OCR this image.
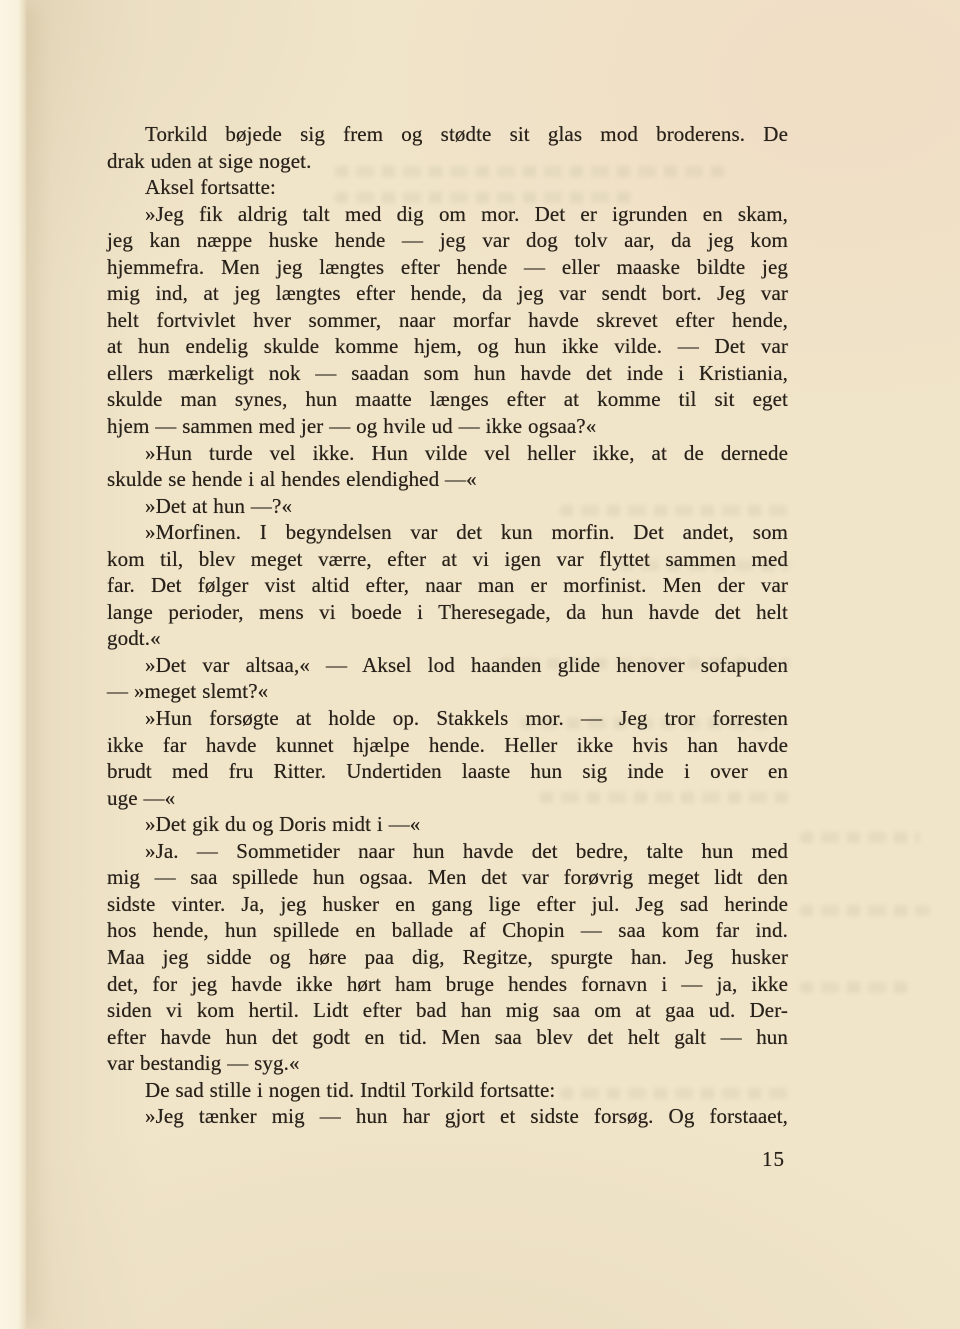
Torkild bøjede sig frem og stødte sit glas mod broderens. De
drak uden at sige noget.
Aksel fortsatte:
»Jeg fik aldrig talt med dig om mor. Det er igrunden en skam,
jeg kan næppe huske hende — jeg var dog tolv aar, da jeg kom
hjemmefra. Men jeg længtes efter hende — eller maaske bildte jeg
mig ind, at jeg længtes efter hende, da jeg var sendt bort. Jeg var
helt fortvivlet hver sommer, naar morfar havde skrevet efter hende,
at hun endelig skulde komme hjem, og hun ikke vilde. — Det var
ellers mærkeligt nok — saadan som hun havde det inde i Kristiania,
skulde man synes, hun maatte længes efter at komme til sit eget
hjem — sammen med jer — og hvile ud — ikke ogsaa?«
»Hun turde vel ikke. Hun vilde vel heller ikke, at de dernede
skulde se hende i al hendes elendighed —«
»Det at hun —?«
»Morfinen. I begyndelsen var det kun morfin. Det andet, som
kom til, blev meget værre, efter at vi igen var flyttet sammen med
far. Det følger vist altid efter, naar man er morfinist. Men der var
lange perioder, mens vi boede i Theresegade, da hun havde det helt
godt.«
»Det var altsaa,« — Aksel lod haanden glide henover sofapuden
— »meget slemt?«
»Hun forsøgte at holde op. Stakkels mor. — Jeg tror forresten
ikke far havde kunnet hjælpe hende. Heller ikke hvis han havde
brudt med fru Ritter. Undertiden laaste hun sig inde i over en
uge —«
»Det gik du og Doris midt i —«
»Ja. — Sommetider naar hun havde det bedre, talte hun med
mig — saa spillede hun ogsaa. Men det var forøvrig meget lidt den
sidste vinter. Ja, jeg husker en gang lige efter jul. Jeg sad herinde
hos hende, hun spillede en ballade af Chopin — saa kom far ind.
Maa jeg sidde og høre paa dig, Regitze, spurgte han. Jeg husker
det, for jeg havde ikke hørt ham bruge hendes fornavn i — ja, ikke
siden vi kom hertil. Lidt efter bad han mig saa om at gaa ud. Der-
efter havde hun det godt en tid. Men saa blev det helt galt — hun
var bestandig — syg.«
De sad stille i nogen tid. Indtil Torkild fortsatte:
»Jeg tænker mig — hun har gjort et sidste forsøg. Og forstaaet,
15
